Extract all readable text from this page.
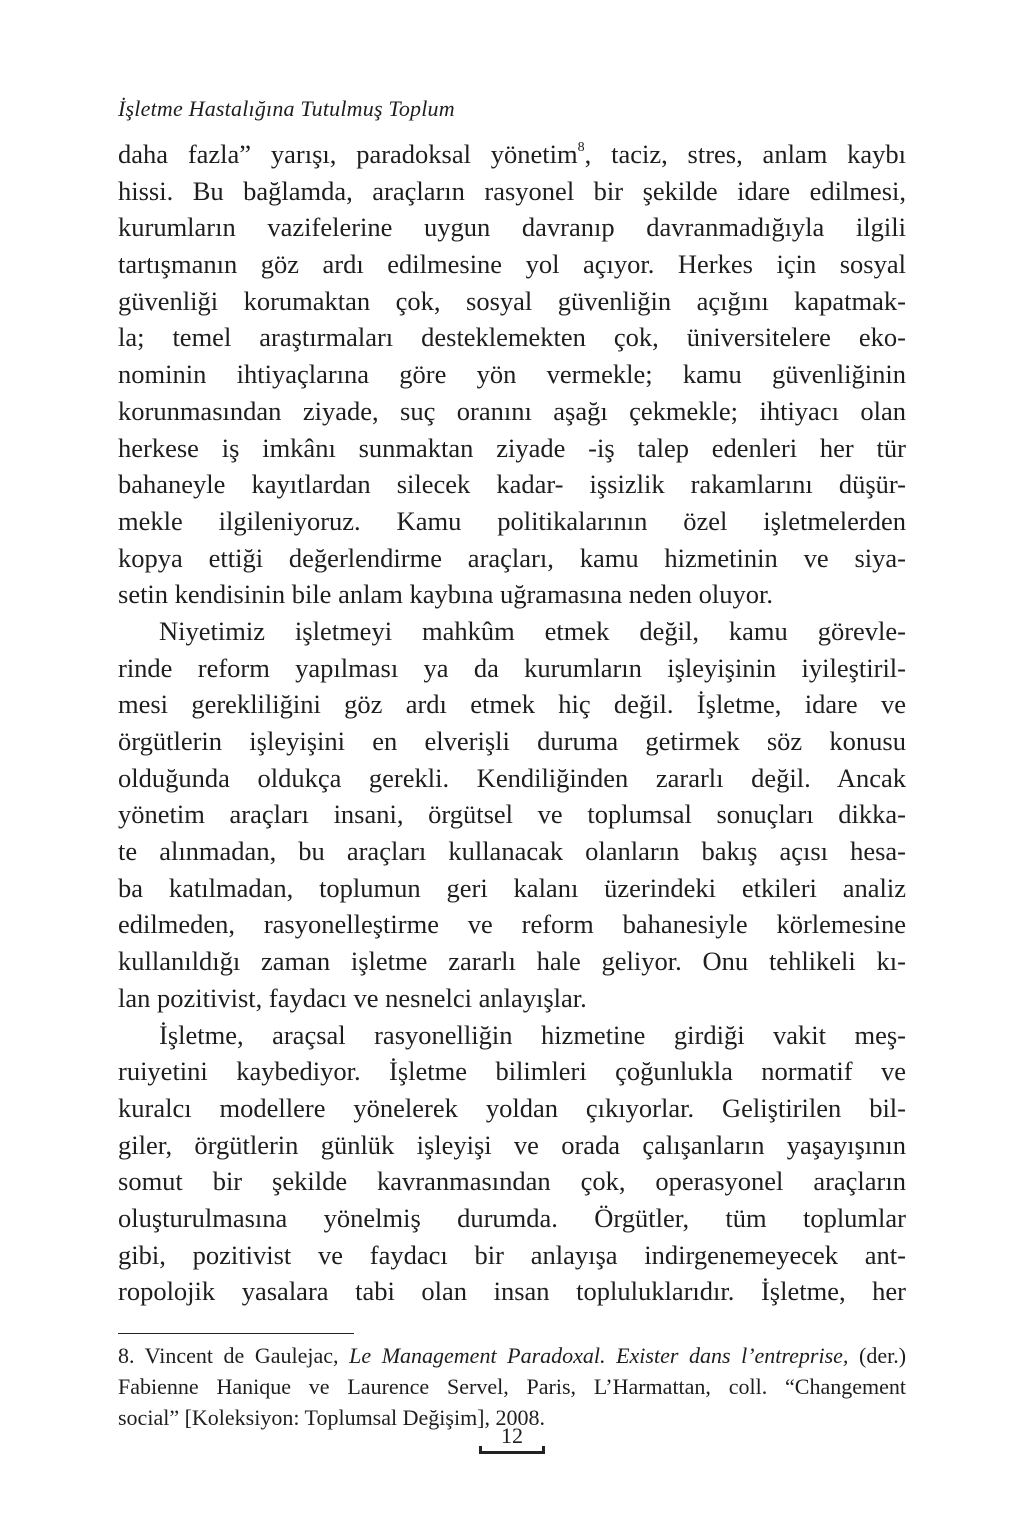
İşletme Hastalığına Tutulmuş Toplum
daha fazla” yarışı, paradoksal yönetim$^8$, taciz, stres, anlam kaybı
hissi. Bu bağlamda, araçların rasyonel bir şekilde idare edilmesi,
kurumların vazifelerine uygun davranıp davranmadığıyla ilgili
tartışmanın göz ardı edilmesine yol açıyor. Herkes için sosyal
güvenliği korumaktan çok, sosyal güvenliğin açığını kapatmak-
la; temel araştırmaları desteklemekten çok, üniversitelere eko-
nominin ihtiyaçlarına göre yön vermekle; kamu güvenliğinin
korunmasından ziyade, suç oranını aşağı çekmekle; ihtiyacı olan
herkese iş imkânı sunmaktan ziyade -iş talep edenleri her tür
bahaneyle kayıtlardan silecek kadar- işsizlik rakamlarını düşür-
mekle ilgileniyoruz. Kamu politikalarının özel işletmelerden
kopya ettiği değerlendirme araçları, kamu hizmetinin ve siya-
setin kendisinin bile anlam kaybına uğramasına neden oluyor.
Niyetimiz işletmeyi mahkûm etmek değil, kamu görevle-
rinde reform yapılması ya da kurumların işleyişinin iyileştiril-
mesi gerekliliğini göz ardı etmek hiç değil. İşletme, idare ve
örgütlerin işleyişini en elverişli duruma getirmek söz konusu
olduğunda oldukça gerekli. Kendiliğinden zararlı değil. Ancak
yönetim araçları insani, örgütsel ve toplumsal sonuçları dikka-
te alınmadan, bu araçları kullanacak olanların bakış açısı hesa-
ba katılmadan, toplumun geri kalanı üzerindeki etkileri analiz
edilmeden, rasyonelleştirme ve reform bahanesiyle körlemesine
kullanıldığı zaman işletme zararlı hale geliyor. Onu tehlikeli kı-
lan pozitivist, faydacı ve nesnelci anlayışlar.
İşletme, araçsal rasyonelliğin hizmetine girdiği vakit meş-
ruiyetini kaybediyor. İşletme bilimleri çoğunlukla normatif ve
kuralcı modellere yönelerek yoldan çıkıyorlar. Geliştirilen bil-
giler, örgütlerin günlük işleyişi ve orada çalışanların yaşayışının
somut bir şekilde kavranmasından çok, operasyonel araçların
oluşturulmasına yönelmiş durumda. Örgütler, tüm toplumlar
gibi, pozitivist ve faydacı bir anlayışa indirgenemeyecek ant-
ropolojik yasalara tabi olan insan topluluklarıdır. İşletme, her
8. Vincent de Gaulejac, Le Management Paradoxal. Exister dans l’entreprise, (der.)
Fabienne Hanique ve Laurence Servel, Paris, L’Harmattan, coll. “Changement
social” [Koleksiyon: Toplumsal Değişim], 2008.
12
